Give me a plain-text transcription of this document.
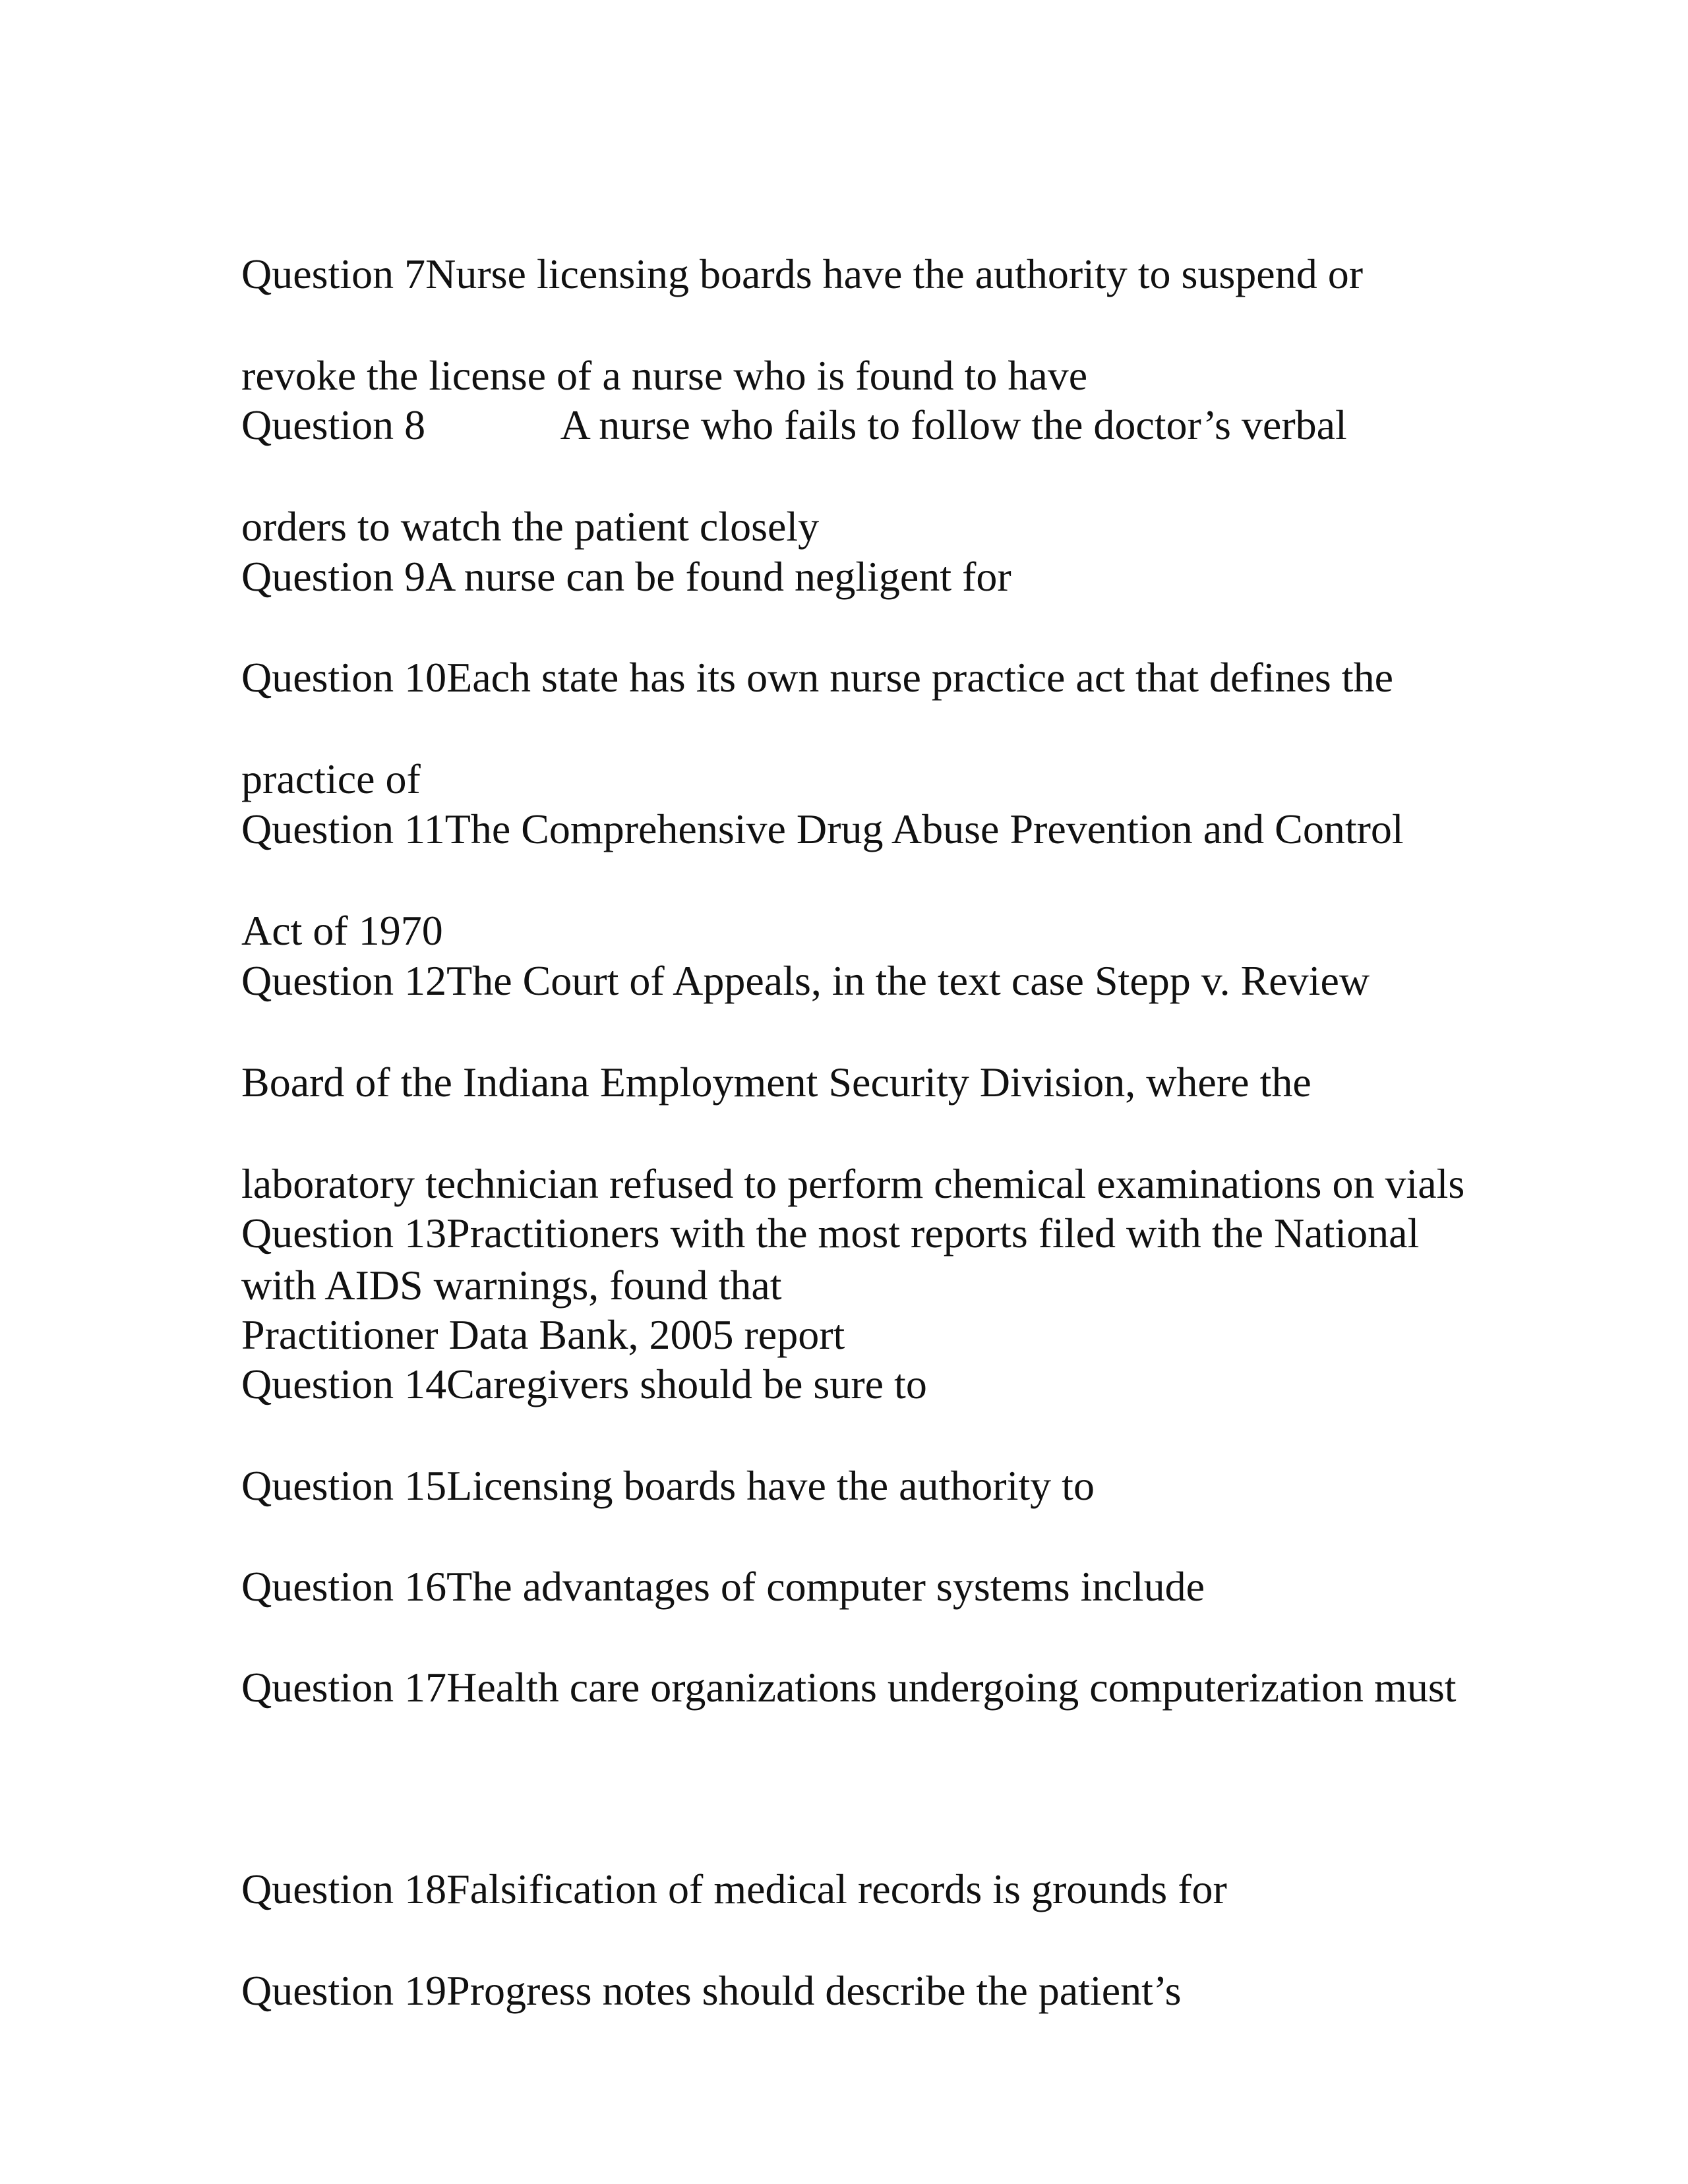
Question 7Nurse licensing boards have the authority to suspend or

revoke the license of a nurse who is found to have

Question 8             A nurse who fails to follow the doctor’s verbal

orders to watch the patient closely

Question 9A nurse can be found negligent for

Question 10Each state has its own nurse practice act that defines the

practice of

Question 11The Comprehensive Drug Abuse Prevention and Control

Act of 1970

Question 12The Court of Appeals, in the text case Stepp v. Review

Board of the Indiana Employment Security Division, where the

laboratory technician refused to perform chemical examinations on vials

with AIDS warnings, found that

Question 13Practitioners with the most reports filed with the National

Practitioner Data Bank, 2005 report

Question 14Caregivers should be sure to

Question 15Licensing boards have the authority to

Question 16The advantages of computer systems include

Question 17Health care organizations undergoing computerization must

Question 18Falsification of medical records is grounds for

Question 19Progress notes should describe the patient’s
